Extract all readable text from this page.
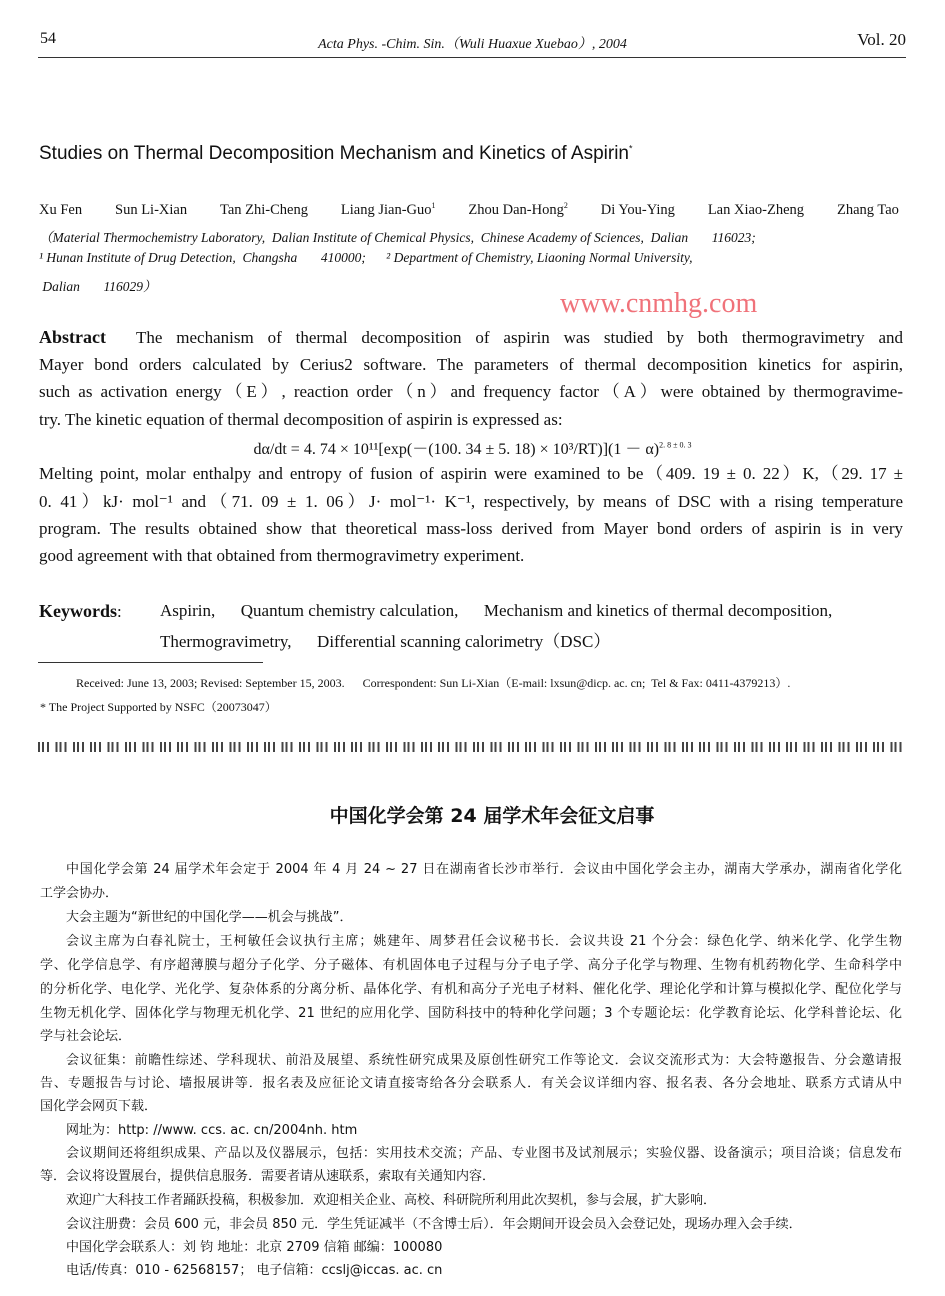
54	Acta Phys. -Chim. Sin.（Wuli Huaxue Xuebao）, 2004	Vol. 20
Studies on Thermal Decomposition Mechanism and Kinetics of Aspirin*
Xu Fen Sun Li-Xian Tan Zhi-Cheng Liang Jian-Guo$^1$ Zhou Dan-Hong$^2$ Di You-Ying Lan Xiao-Zheng Zhang Tao
（Material Thermochemistry Laboratory,  Dalian Institute of Chemical Physics,  Chinese Academy of Sciences,  Dalian       116023;
¹ Hunan Institute of Drug Detection,  Changsha       410000;      ² Department of Chemistry, Liaoning Normal University,
Dalian       116029）
www.cnmhg.com
Abstract The mechanism of thermal decomposition of aspirin was studied by both thermogravimetry and
Mayer bond orders calculated by Cerius2 software. The parameters of thermal decomposition kinetics for aspirin,
such as activation energy（E）, reaction order（n）and frequency factor（A）were obtained by thermogravime-
try. The kinetic equation of thermal decomposition of aspirin is expressed as:
dα/dt = 4. 74 × 10¹¹[exp(－(100. 34 ± 5. $18) \times 10^3/RT)](1 - \alpha)^{2. 8 \pm 0. 3}$
Melting point, molar enthalpy and entropy of fusion of aspirin were examined to be（409. 19 ± 0. 22）K,（29. 17 ±
0. 41）kJ· mol⁻¹ and（71. 09 ± 1. 06）J· mol⁻¹· K⁻¹, respectively, by means of DSC with a rising temperature
program. The results obtained show that theoretical mass-loss derived from Mayer bond orders of aspirin is in very
good agreement with that obtained from thermogravimetry experiment.
Keywords: Aspirin,      Quantum chemistry calculation,      Mechanism and kinetics of thermal decomposition,
Thermogravimetry,      Differential scanning calorimetry（DSC）
Received: June 13, 2003; Revised: September 15, 2003.      Correspondent: Sun Li-Xian（E-mail: lxsun@dicp. ac. cn;  Tel & Fax: 0411-4379213）.
* The Project Supported by NSFC（20073047）
中国化学会第 24 届学术年会征文启事
中国化学会第 24 届学术年会定于 2004 年 4 月 24 ~ 27 日在湖南省长沙市举行．会议由中国化学会主办，湖南大学承办，湖南省化学化
工学会协办．
大会主题为“新世纪的中国化学——机会与挑战”．
会议主席为白春礼院士，王柯敏任会议执行主席；姚建年、周梦君任会议秘书长．会议共设 21 个分会：绿色化学、纳米化学、化学生物
学、化学信息学、有序超薄膜与超分子化学、分子磁体、有机固体电子过程与分子电子学、高分子化学与物理、生物有机药物化学、生命科学中
的分析化学、电化学、光化学、复杂体系的分离分析、晶体化学、有机和高分子光电子材料、催化化学、理论化学和计算与模拟化学、配位化学与
生物无机化学、固体化学与物理无机化学、21 世纪的应用化学、国防科技中的特种化学问题；3 个专题论坛：化学教育论坛、化学科普论坛、化
学与社会论坛．
会议征集：前瞻性综述、学科现状、前沿及展望、系统性研究成果及原创性研究工作等论文．会议交流形式为：大会特邀报告、分会邀请报
告、专题报告与讨论、墙报展讲等．报名表及应征论文请直接寄给各分会联系人．有关会议详细内容、报名表、各分会地址、联系方式请从中
国化学会网页下载．
网址为：http: //www. ccs. ac. cn/2004nh. htm
会议期间还将组织成果、产品以及仪器展示，包括：实用技术交流；产品、专业图书及试剂展示；实验仪器、设备演示；项目洽谈；信息发布
等．会议将设置展台，提供信息服务．需要者请从速联系，索取有关通知内容．
欢迎广大科技工作者踊跃投稿，积极参加．欢迎相关企业、高校、科研院所利用此次契机，参与会展，扩大影响．
会议注册费：会员 600 元，非会员 850 元．学生凭证减半（不含博士后）．年会期间开设会员入会登记处，现场办理入会手续．
中国化学会联系人：刘 钧 地址：北京 2709 信箱 邮编：100080
电话/传真：010 - 62568157； 电子信箱：ccslj@iccas. ac. cn
